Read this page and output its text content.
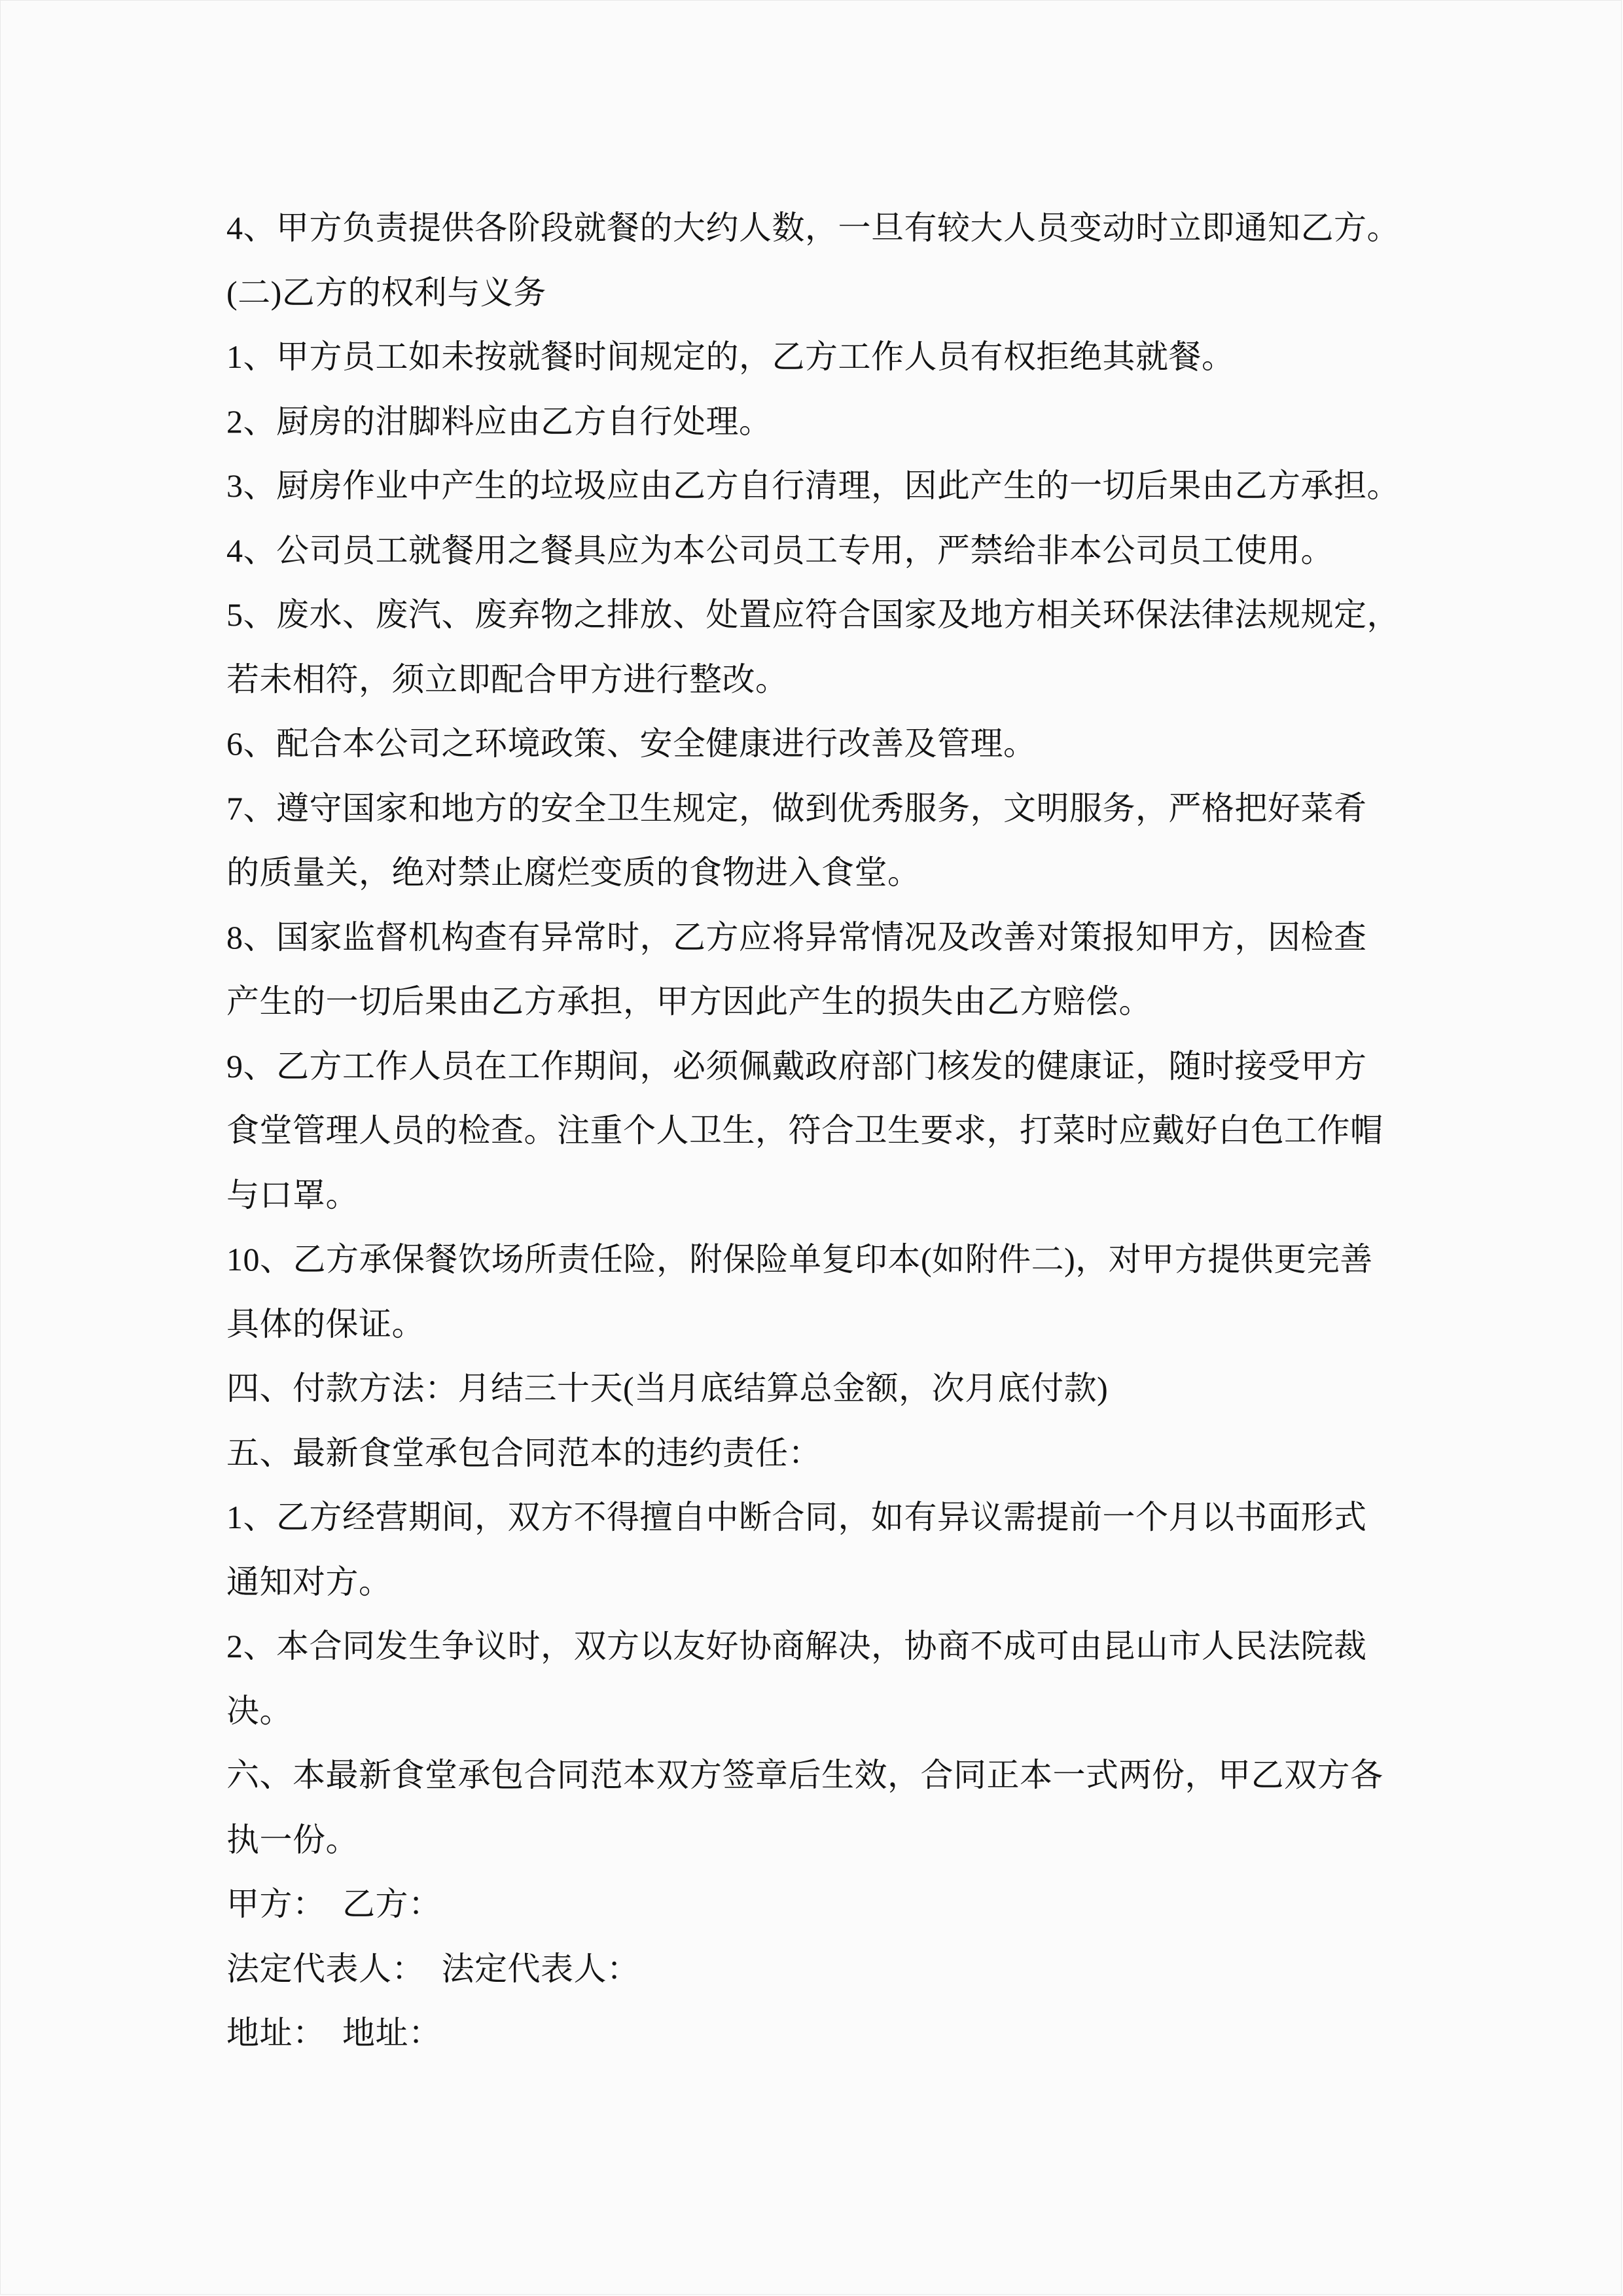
4、甲方负责提供各阶段就餐的大约人数，一旦有较大人员变动时立即通知乙方。

(二)乙方的权利与义务

1、甲方员工如未按就餐时间规定的，乙方工作人员有权拒绝其就餐。

2、厨房的泔脚料应由乙方自行处理。

3、厨房作业中产生的垃圾应由乙方自行清理，因此产生的一切后果由乙方承担。

4、公司员工就餐用之餐具应为本公司员工专用，严禁给非本公司员工使用。

5、废水、废汽、废弃物之排放、处置应符合国家及地方相关环保法律法规规定，

若未相符，须立即配合甲方进行整改。

6、配合本公司之环境政策、安全健康进行改善及管理。

7、遵守国家和地方的安全卫生规定，做到优秀服务，文明服务，严格把好菜肴

的质量关，绝对禁止腐烂变质的食物进入食堂。

8、国家监督机构查有异常时，乙方应将异常情况及改善对策报知甲方，因检查

产生的一切后果由乙方承担，甲方因此产生的损失由乙方赔偿。

9、乙方工作人员在工作期间，必须佩戴政府部门核发的健康证，随时接受甲方

食堂管理人员的检查。注重个人卫生，符合卫生要求，打菜时应戴好白色工作帽

与口罩。

10、乙方承保餐饮场所责任险，附保险单复印本(如附件二)，对甲方提供更完善

具体的保证。

四、付款方法：月结三十天(当月底结算总金额，次月底付款)

五、最新食堂承包合同范本的违约责任：

1、乙方经营期间，双方不得擅自中断合同，如有异议需提前一个月以书面形式

通知对方。

2、本合同发生争议时，双方以友好协商解决，协商不成可由昆山市人民法院裁

决。

六、本最新食堂承包合同范本双方签章后生效，合同正本一式两份，甲乙双方各

执一份。

甲方：　乙方：

法定代表人：　法定代表人：

地址：　地址：
